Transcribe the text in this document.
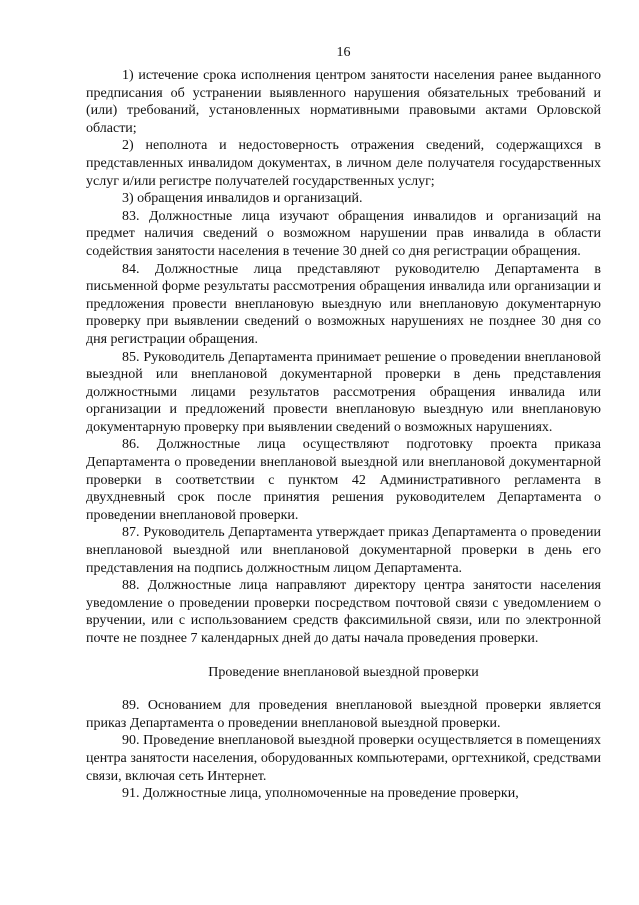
16

1) истечение срока исполнения центром занятости населения ранее выданного предписания об устранении выявленного нарушения обязательных требований и (или) требований, установленных нормативными правовыми актами Орловской области;

2) неполнота и недостоверность отражения сведений, содержащихся в представленных инвалидом документах, в личном деле получателя государственных услуг и/или регистре получателей государственных услуг;

3) обращения инвалидов и организаций.

83. Должностные лица изучают обращения инвалидов и организаций на предмет наличия сведений о возможном нарушении прав инвалида в области содействия занятости населения в течение 30 дней со дня регистрации обращения.

84. Должностные лица представляют руководителю Департамента в письменной форме результаты рассмотрения обращения инвалида или организации и предложения провести внеплановую выездную или внеплановую документарную проверку при выявлении сведений о возможных нарушениях не позднее 30 дня со дня регистрации обращения.

85. Руководитель Департамента принимает решение о проведении внеплановой выездной или внеплановой документарной проверки в день представления должностными лицами результатов рассмотрения обращения инвалида или организации и предложений провести внеплановую выездную или внеплановую документарную проверку при выявлении сведений о возможных нарушениях.

86. Должностные лица осуществляют подготовку проекта приказа Департамента о проведении внеплановой выездной или внеплановой документарной проверки в соответствии с пунктом 42 Административного регламента в двухдневный срок после принятия решения руководителем Департамента о проведении внеплановой проверки.

87. Руководитель Департамента утверждает приказ Департамента о проведении внеплановой выездной или внеплановой документарной проверки в день его представления на подпись должностным лицом Департамента.

88. Должностные лица направляют директору центра занятости населения уведомление о проведении проверки посредством почтовой связи с уведомлением о вручении, или с использованием средств факсимильной связи, или по электронной почте не позднее 7 календарных дней до даты начала проведения проверки.

Проведение внеплановой выездной проверки

89. Основанием для проведения внеплановой выездной проверки является приказ Департамента о проведении внеплановой выездной проверки.

90. Проведение внеплановой выездной проверки осуществляется в помещениях центра занятости населения, оборудованных компьютерами, оргтехникой, средствами связи, включая сеть Интернет.

91. Должностные лица, уполномоченные на проведение проверки,
